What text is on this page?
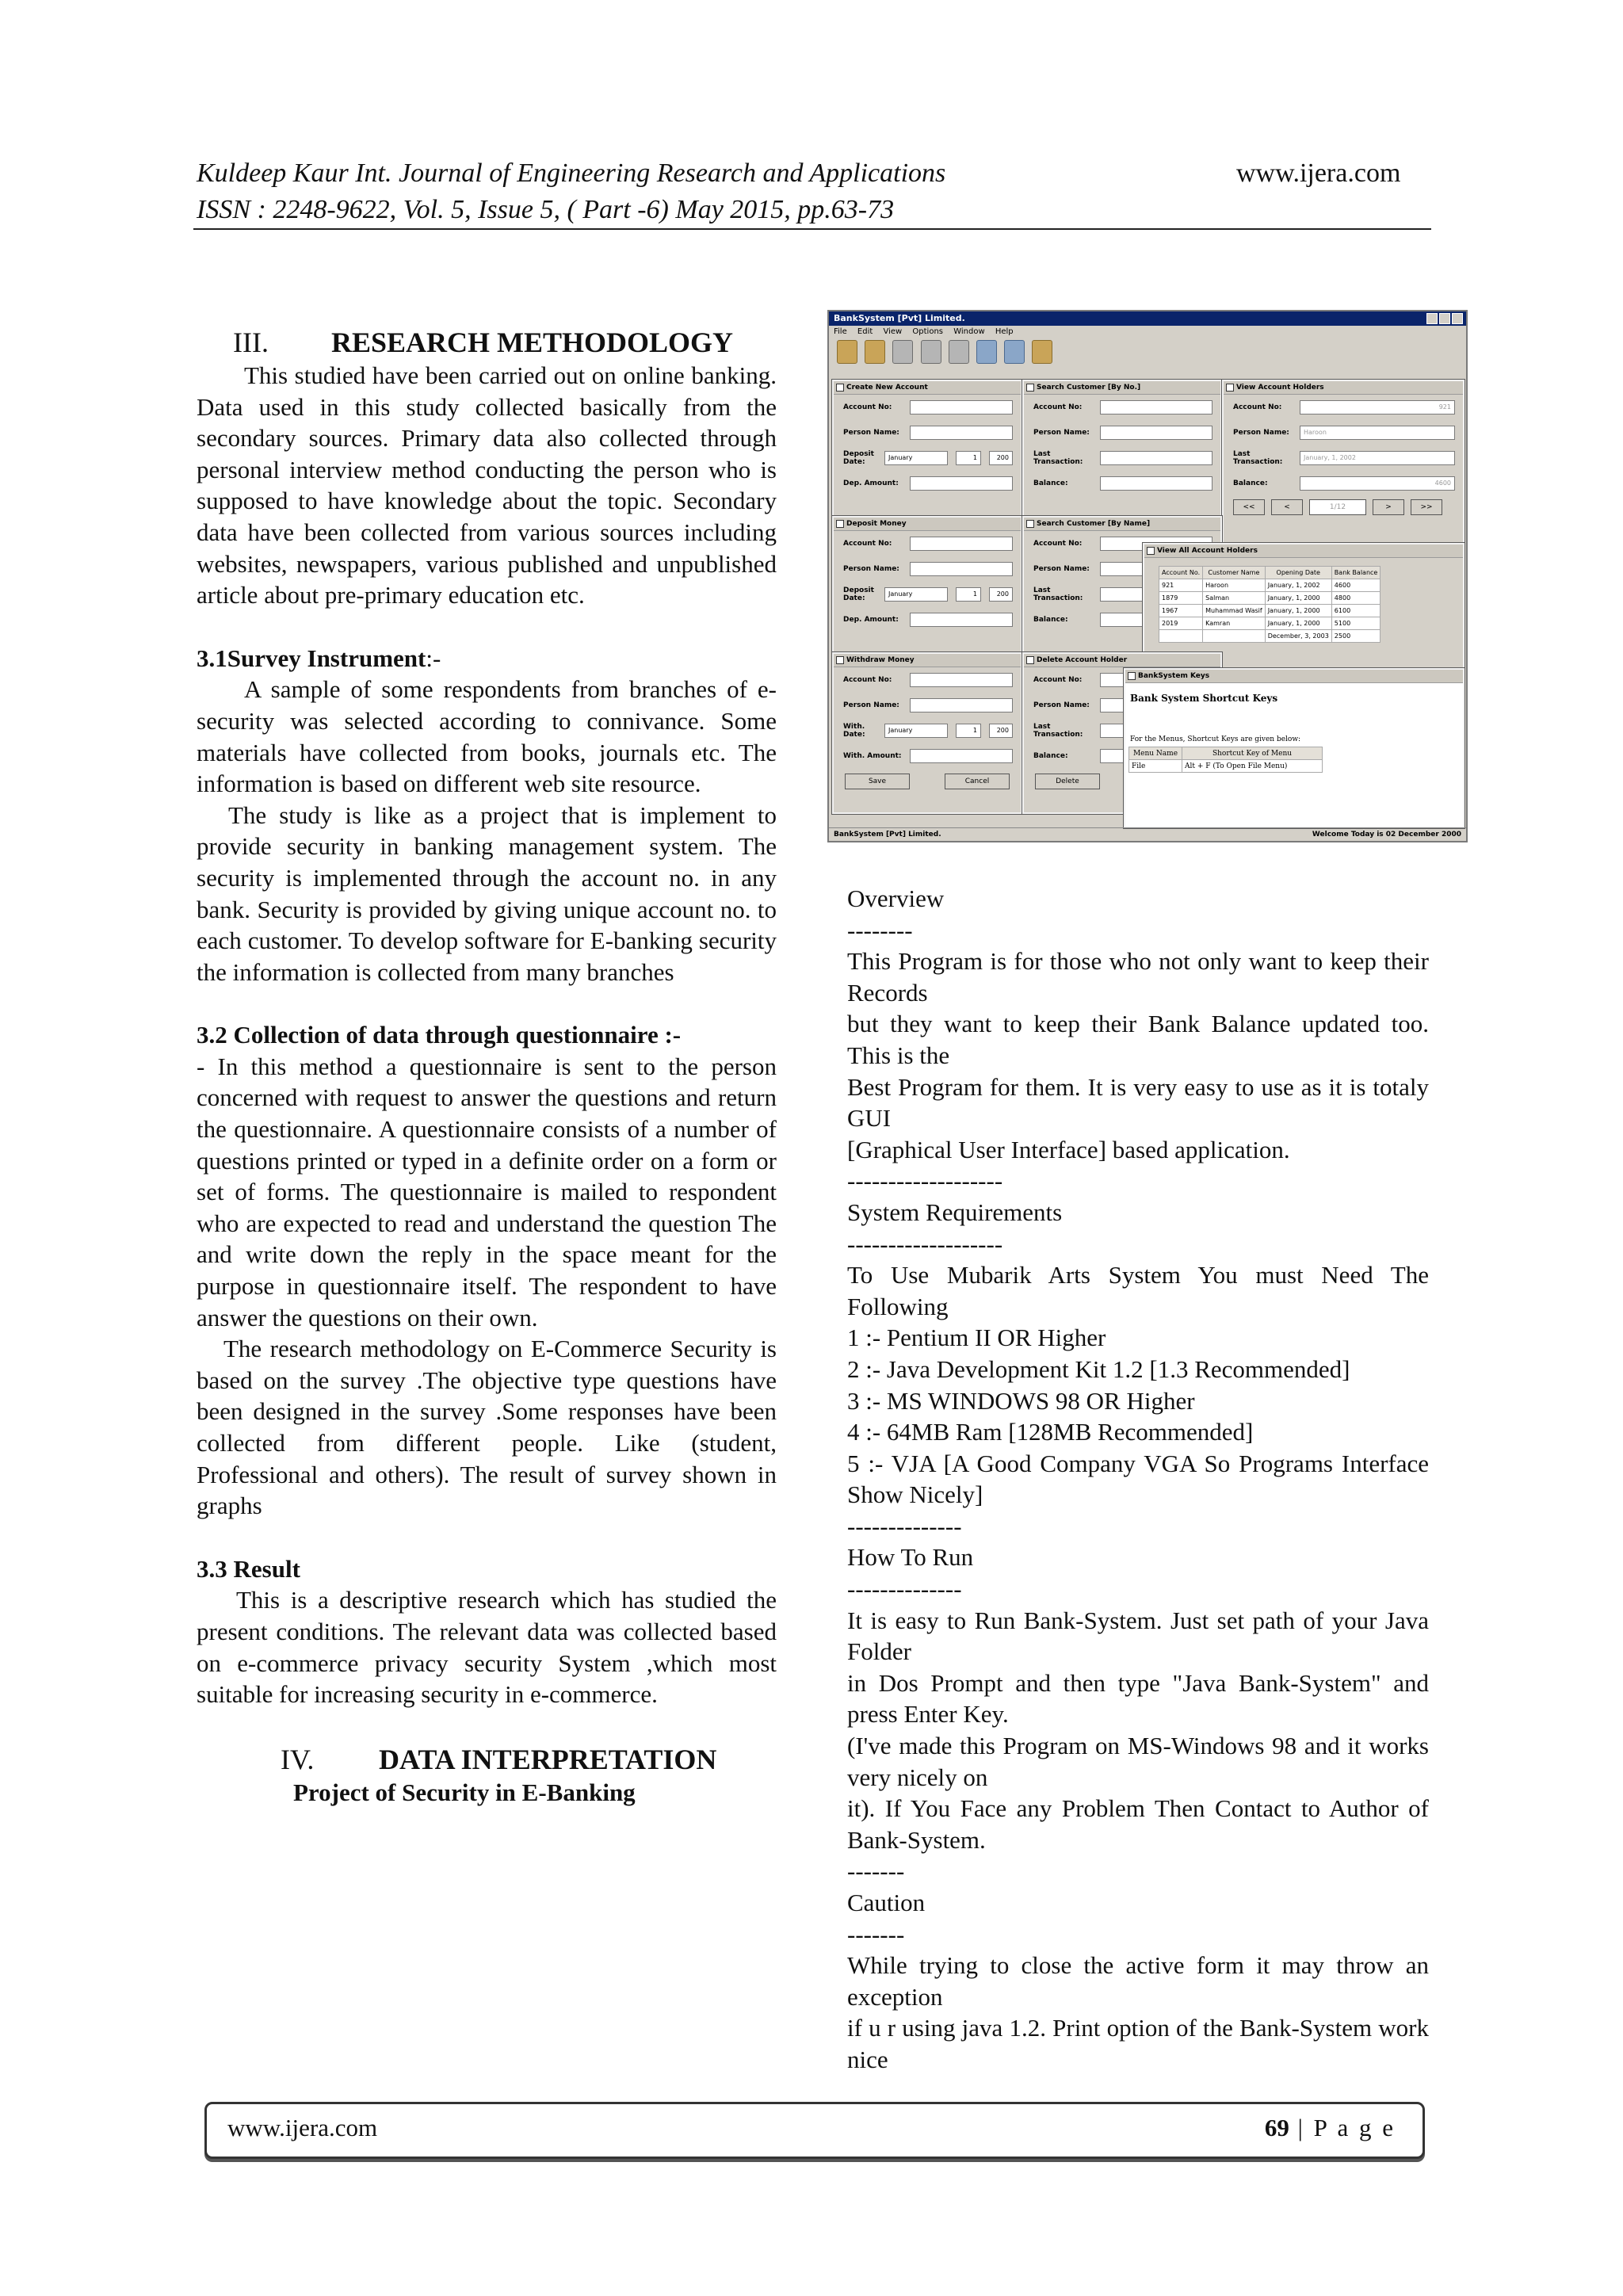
Kuldeep Kaur Int. Journal of Engineering Research and Applications
ISSN : 2248-9622, Vol. 5, Issue 5, ( Part -6) May 2015, pp.63-73
www.ijera.com
III. RESEARCH METHODOLOGY

This studied have been carried out on online banking. Data used in this study collected basically from the secondary sources. Primary data also collected through personal interview method conducting the person who is supposed to have knowledge about the topic. Secondary data have been collected from various sources including websites, newspapers, various published and unpublished article about pre-primary education etc.

3.1Survey Instrument:-

A sample of some respondents from branches of e-security was selected according to connivance. Some materials have collected from books, journals etc. The information is based on different web site resource.

The study is like as a project that is implement to provide security in banking management system. The security is implemented through the account no. in any bank. Security is provided by giving unique account no. to each customer. To develop software for E-banking security the information is collected from many branches

3.2 Collection of data through questionnaire :-

- In this method a questionnaire is sent to the person concerned with request to answer the questions and return the questionnaire. A questionnaire consists of a number of questions printed or typed in a definite order on a form or set of forms. The questionnaire is mailed to respondent who are expected to read and understand the question The and write down the reply in the space meant for the purpose in questionnaire itself. The respondent to have answer the questions on their own.

The research methodology on E-Commerce Security is based on the survey .The objective type questions have been designed in the survey .Some responses have been collected from different people. Like (student, Professional and others). The result of survey shown in graphs

3.3 Result

This is a descriptive research which has studied the present conditions. The relevant data was collected based on e-commerce privacy security System ,which most suitable for increasing security in e-commerce.

IV. DATA INTERPRETATION

Project of Security in E-Banking

BankSystem [Pvt] Limited.
File Edit View Options Window Help

Create New Account
Account No:
Person Name:
Deposit Date:
January	1	200
Dep. Amount:
Search Customer [By No.]
Account No:
Person Name:
Last Transaction:
Balance:
View Account Holders
Account No:	921
Person Name:	Haroon
Last Transaction:
January, 1, 2002
Balance:	4600
<<	<	1/12	>	>>
Deposit Money
Account No:
Person Name:
Deposit Date:
January	1	200
Dep. Amount:
Search Customer [By Name]
Account No:
Person Name:
Last Transaction:
Balance:
View All Account Holders
Account No.	Customer Name	Opening Date	Bank Balance
921	Haroon	January, 1, 2002	4600
1879	Salman	January, 1, 2000	4800
1967	Muhammad Wasif	January, 1, 2000	6100
2019	Kamran	January, 1, 2000	5100
		December, 3, 2003	2500
Withdraw Money
Account No:
Person Name:
With. Date:
January	1	200
With. Amount:
Save	Cancel
Delete Account Holder
Account No:
Person Name:
Last Transaction:
Balance:
Delete
BankSystem Keys
Bank System Shortcut Keys
For the Menus, Shortcut Keys are given below:
Menu Name	Shortcut Key of Menu
File	Alt + F (To Open File Menu)
BankSystem [Pvt] Limited.	Welcome Today is 02 December 2000

Overview

--------

This Program is for those who not only want to keep their Records

but they want to keep their Bank Balance updated too. This is the

Best Program for them. It is very easy to use as it is totaly GUI

[Graphical User Interface] based application.

-------------------

System Requirements

-------------------

To Use Mubarik Arts System You must Need The Following

1 :- Pentium II OR Higher

2 :- Java Development Kit 1.2 [1.3 Recommended]

3 :- MS WINDOWS 98 OR Higher

4 :- 64MB Ram [128MB Recommended]

5 :- VJA [A Good Company VGA So Programs Interface Show Nicely]

--------------

How To Run

--------------

It is easy to Run Bank-System. Just set path of your Java Folder

in Dos Prompt and then type "Java Bank-System" and press Enter Key.

(I've made this Program on MS-Windows 98 and it works very nicely on

it). If You Face any Problem Then Contact to Author of Bank-System.

-------

Caution

-------

While trying to close the active form it may throw an exception

if u r using java 1.2. Print option of the Bank-System work nice

www.ijera.com	69 | P a g e
